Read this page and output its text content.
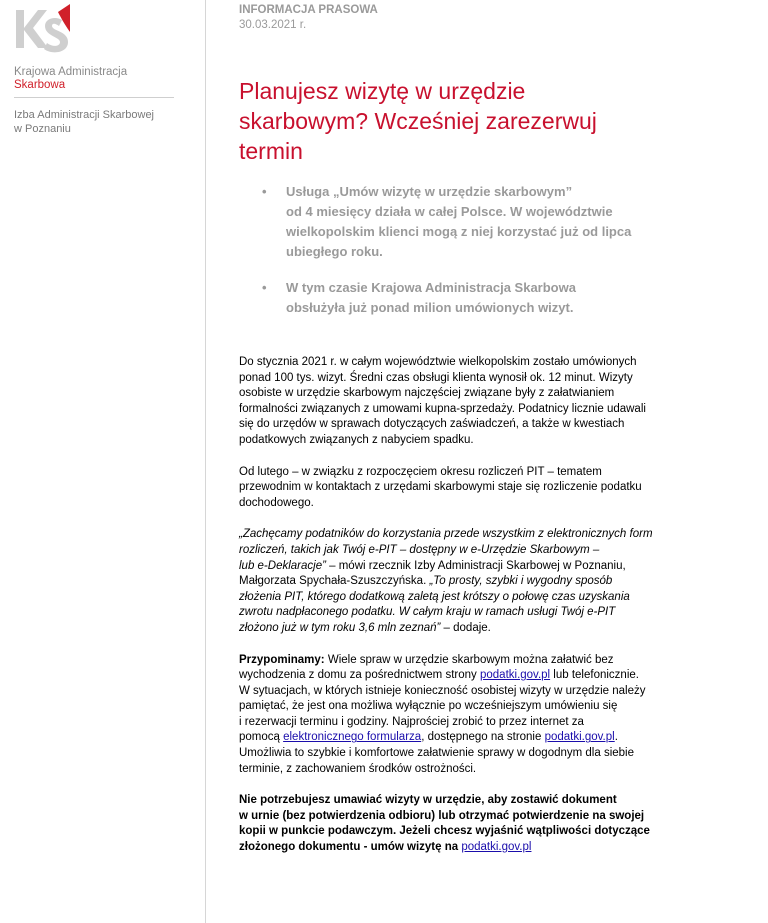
Krajowa Administracja
Skarbowa
Izba Administracji Skarbowej
w Poznaniu
INFORMACJA PRASOWA
30.03.2021 r.
Planujesz wizytę w urzędzie
skarbowym? Wcześniej zarezerwuj
termin
• Usługa „Umów wizytę w urzędzie skarbowym”
od 4 miesięcy działa w całej Polsce. W województwie
wielkopolskim klienci mogą z niej korzystać już od lipca
ubiegłego roku.
• W tym czasie Krajowa Administracja Skarbowa
obsłużyła już ponad milion umówionych wizyt.
Do stycznia 2021 r. w całym województwie wielkopolskim zostało umówionych
ponad 100 tys. wizyt. Średni czas obsługi klienta wynosił ok. 12 minut. Wizyty
osobiste w urzędzie skarbowym najczęściej związane były z załatwianiem
formalności związanych z umowami kupna-sprzedaży. Podatnicy licznie udawali
się do urzędów w sprawach dotyczących zaświadczeń, a także w kwestiach
podatkowych związanych z nabyciem spadku.
Od lutego – w związku z rozpoczęciem okresu rozliczeń PIT – tematem
przewodnim w kontaktach z urzędami skarbowymi staje się rozliczenie podatku
dochodowego.
„Zachęcamy podatników do korzystania przede wszystkim z elektronicznych form
rozliczeń, takich jak Twój e-PIT – dostępny w e-Urzędzie Skarbowym –
lub e-Deklaracje” – mówi rzecznik Izby Administracji Skarbowej w Poznaniu,
Małgorzata Spychała-Szuszczyńska. „To prosty, szybki i wygodny sposób
złożenia PIT, którego dodatkową zaletą jest krótszy o połowę czas uzyskania
zwrotu nadpłaconego podatku. W całym kraju w ramach usługi Twój e-PIT
złożono już w tym roku 3,6 mln zeznań” – dodaje.
Przypominamy: Wiele spraw w urzędzie skarbowym można załatwić bez
wychodzenia z domu za pośrednictwem strony podatki.gov.pl lub telefonicznie.
W sytuacjach, w których istnieje konieczność osobistej wizyty w urzędzie należy
pamiętać, że jest ona możliwa wyłącznie po wcześniejszym umówieniu się
i rezerwacji terminu i godziny. Najprościej zrobić to przez internet za
pomocą elektronicznego formularza, dostępnego na stronie podatki.gov.pl.
Umożliwia to szybkie i komfortowe załatwienie sprawy w dogodnym dla siebie
terminie, z zachowaniem środków ostrożności.
Nie potrzebujesz umawiać wizyty w urzędzie, aby zostawić dokument
w urnie (bez potwierdzenia odbioru) lub otrzymać potwierdzenie na swojej
kopii w punkcie podawczym. Jeżeli chcesz wyjaśnić wątpliwości dotyczące
złożonego dokumentu - umów wizytę na podatki.gov.pl
